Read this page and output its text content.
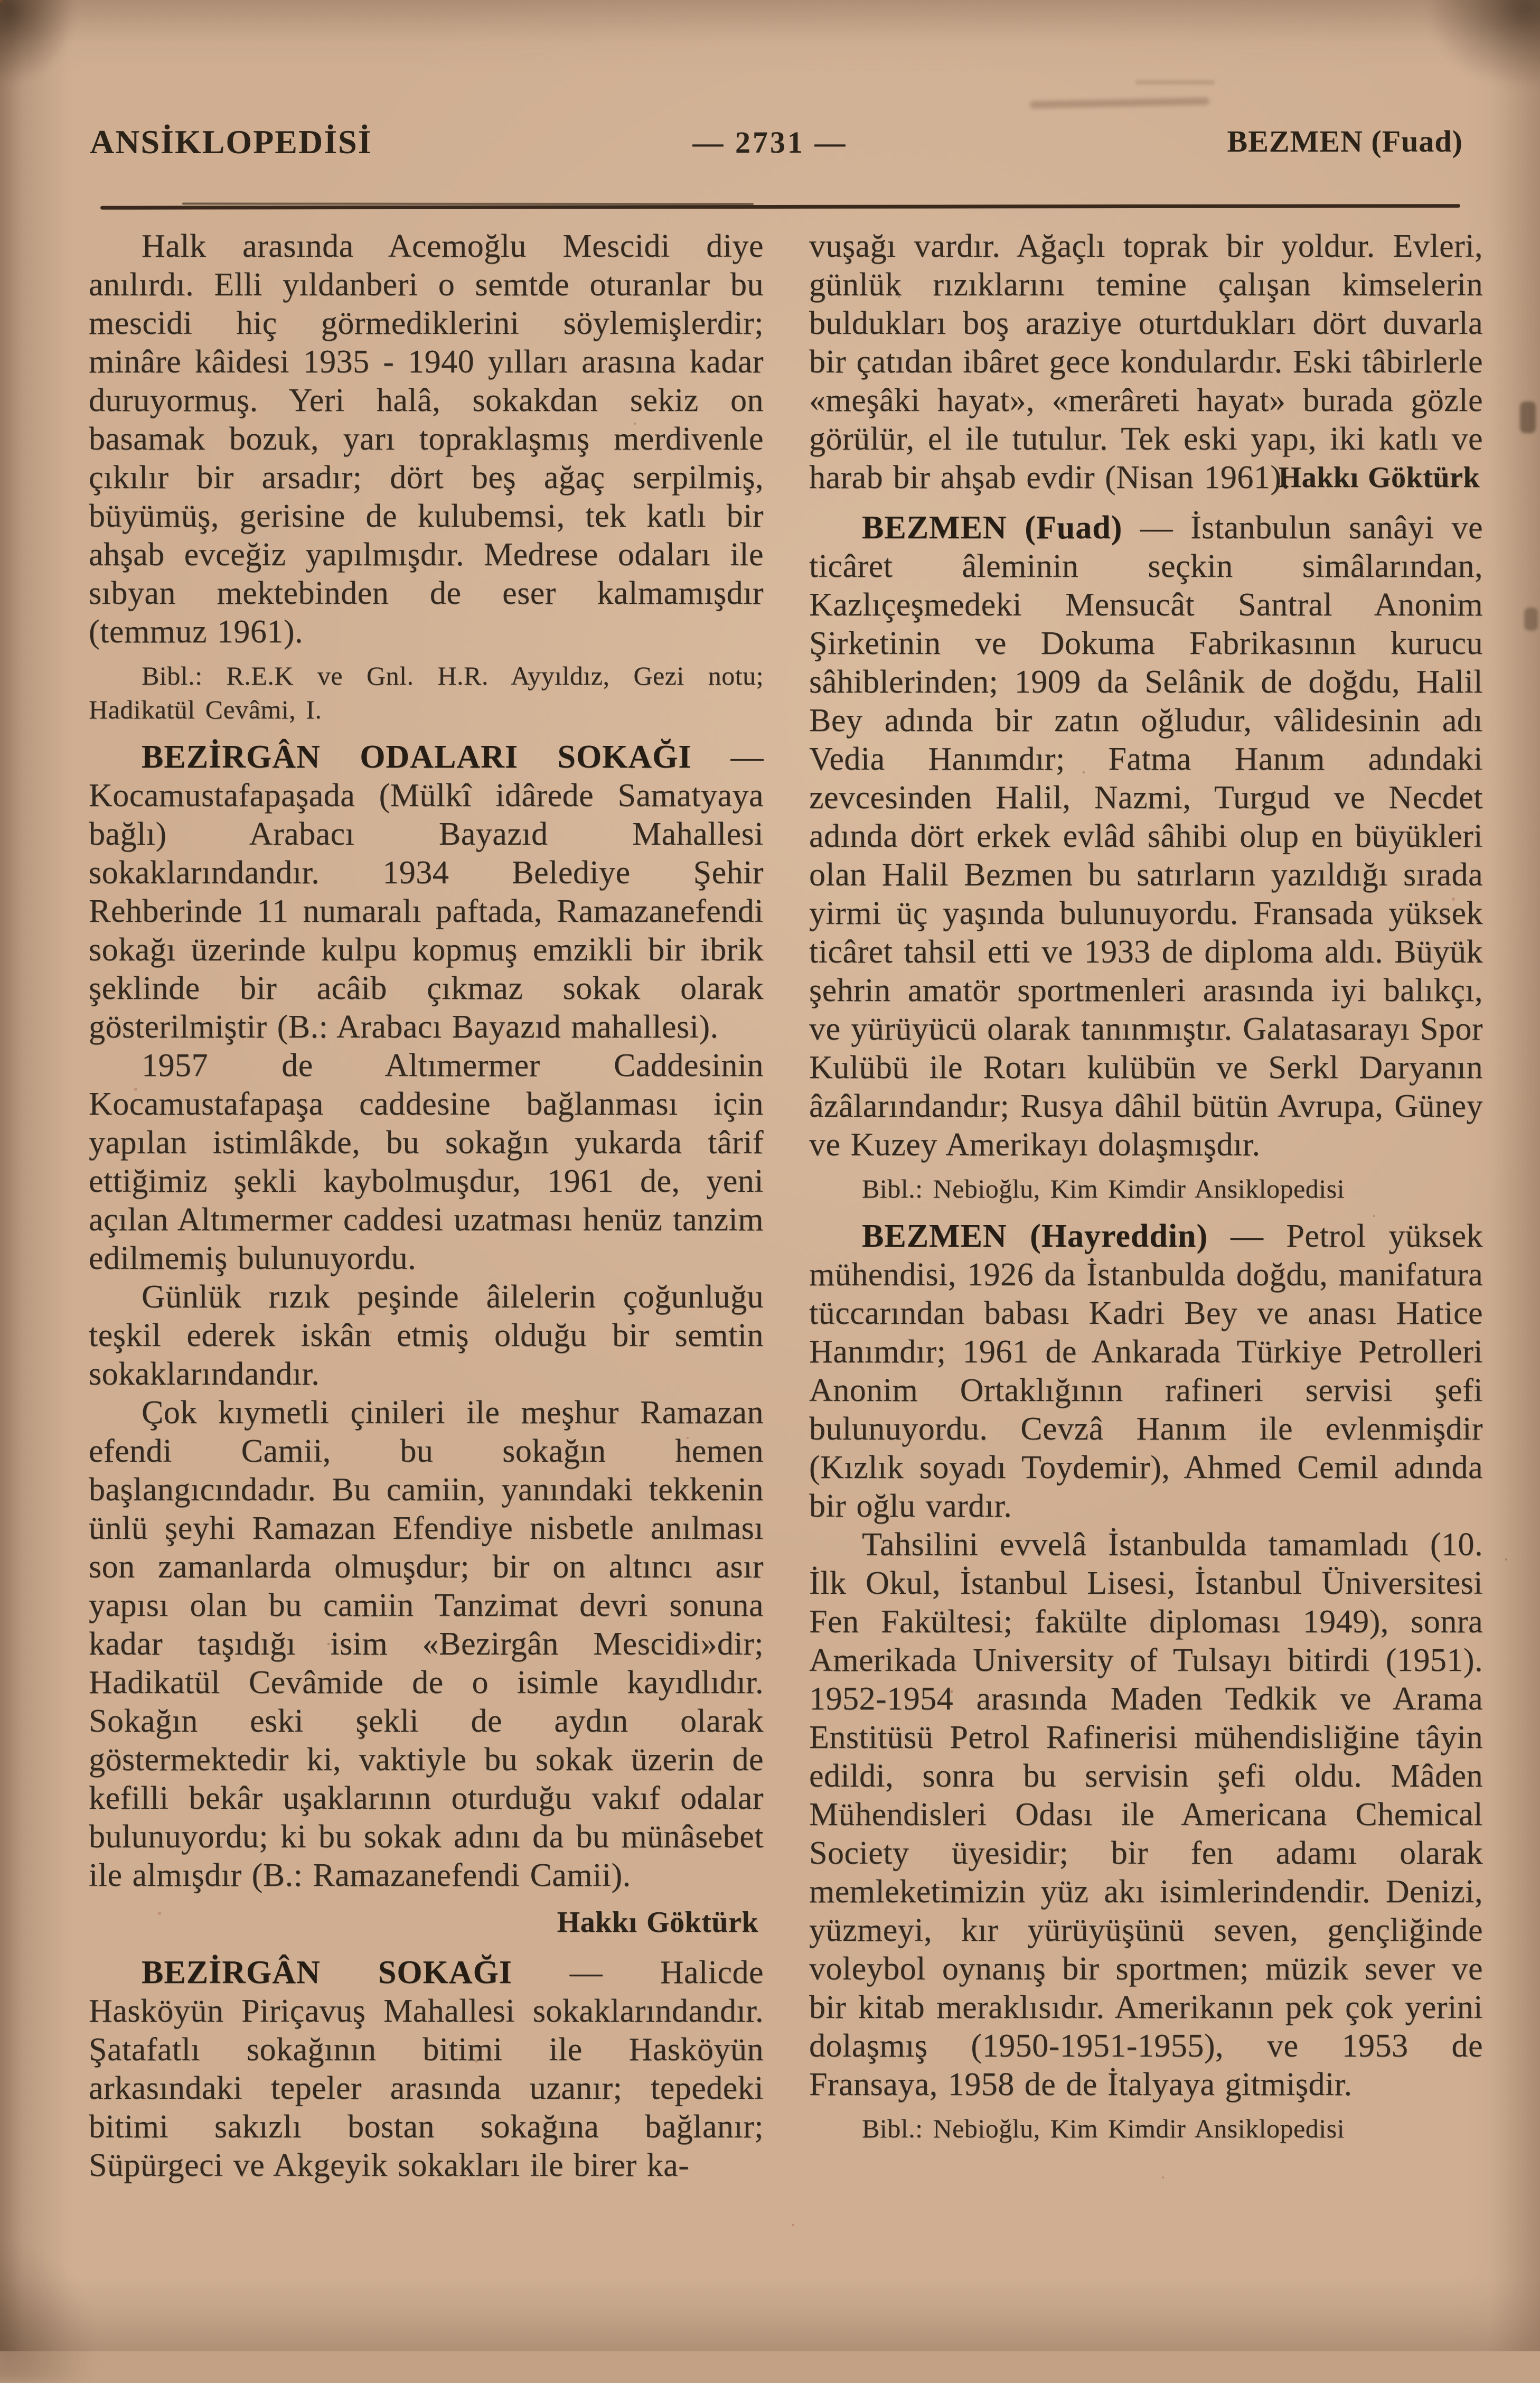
ANSİKLOPEDİSİ	— 2731 —	BEZMEN (Fuad)
Halk arasında Acemoğlu Mescidi diye anılırdı. Elli yıldanberi o semtde oturanlar bu mescidi hiç görmediklerini söylemişlerdir; minâre kâidesi 1935 - 1940 yılları arasına kadar duruyormuş. Yeri halâ, sokakdan sekiz on basamak bozuk, yarı topraklaşmış merdivenle çıkılır bir arsadır; dört beş ağaç serpilmiş, büyümüş, gerisine de kulubemsi, tek katlı bir ahşab evceğiz yapılmışdır. Medrese odaları ile sıbyan mektebinden de eser kalmamışdır (temmuz 1961).
Bibl.: R.E.K ve Gnl. H.R. Ayyıldız, Gezi notu; Hadikatül Cevâmi, I.
BEZİRGÂN ODALARI SOKAĞI — Kocamustafapaşada (Mülkî idârede Samatyaya bağlı) Arabacı Bayazıd Mahallesi sokaklarındandır. 1934 Belediye Şehir Rehberinde 11 numaralı paftada, Ramazanefendi sokağı üzerinde kulpu kopmuş emzikli bir ibrik şeklinde bir acâib çıkmaz sokak olarak gösterilmiştir (B.: Arabacı Bayazıd mahallesi).
1957 de Altımermer Caddesinin Kocamustafapaşa caddesine bağlanması için yapılan istimlâkde, bu sokağın yukarda târif ettiğimiz şekli kaybolmuşdur, 1961 de, yeni açılan Altımermer caddesi uzatması henüz tanzim edilmemiş bulunuyordu.
Günlük rızık peşinde âilelerin çoğunluğu teşkil ederek iskân etmiş olduğu bir semtin sokaklarındandır.
Çok kıymetli çinileri ile meşhur Ramazan efendi Camii, bu sokağın hemen başlangıcındadır. Bu camiin, yanındaki tekkenin ünlü şeyhi Ramazan Efendiye nisbetle anılması son zamanlarda olmuşdur; bir on altıncı asır yapısı olan bu camiin Tanzimat devri sonuna kadar taşıdığı isim «Bezirgân Mescidi»dir; Hadikatül Cevâmide de o isimle kayıdlıdır. Sokağın eski şekli de aydın olarak göstermektedir ki, vaktiyle bu sokak üzerin de kefilli bekâr uşaklarının oturduğu vakıf odalar bulunuyordu; ki bu sokak adını da bu münâsebet ile almışdır (B.: Ramazanefendi Camii).
Hakkı Göktürk
BEZİRGÂN SOKAĞI — Halicde Hasköyün Piriçavuş Mahallesi sokaklarındandır. Şatafatlı sokağının bitimi ile Hasköyün arkasındaki tepeler arasında uzanır; tepedeki bitimi sakızlı bostan sokağına bağlanır; Süpürgeci ve Akgeyik sokakları ile birer ka-
vuşağı vardır. Ağaçlı toprak bir yoldur. Evleri, günlük rızıklarını temine çalışan kimselerin buldukları boş araziye oturtdukları dört duvarla bir çatıdan ibâret gece kondulardır. Eski tâbirlerle «meşâki hayat», «merâreti hayat» burada gözle görülür, el ile tutulur. Tek eski yapı, iki katlı ve harab bir ahşab evdir (Nisan 1961).
Hakkı Göktürk
BEZMEN (Fuad) — İstanbulun sanâyi ve ticâret âleminin seçkin simâlarından, Kazlıçeşmedeki Mensucât Santral Anonim Şirketinin ve Dokuma Fabrikasının kurucu sâhiblerinden; 1909 da Selânik de doğdu, Halil Bey adında bir zatın oğludur, vâlidesinin adı Vedia Hanımdır; Fatma Hanım adındaki zevcesinden Halil, Nazmi, Turgud ve Necdet adında dört erkek evlâd sâhibi olup en büyükleri olan Halil Bezmen bu satırların yazıldığı sırada yirmi üç yaşında bulunuyordu. Fransada yüksek ticâret tahsil etti ve 1933 de diploma aldı. Büyük şehrin amatör sportmenleri arasında iyi balıkçı, ve yürüyücü olarak tanınmıştır. Galatasarayı Spor Kulübü ile Rotarı kulübün ve Serkl Daryanın âzâlarındandır; Rusya dâhil bütün Avrupa, Güney ve Kuzey Amerikayı dolaşmışdır.
Bibl.: Nebioğlu, Kim Kimdir Ansiklopedisi
BEZMEN (Hayreddin) — Petrol yüksek mühendisi, 1926 da İstanbulda doğdu, manifatura tüccarından babası Kadri Bey ve anası Hatice Hanımdır; 1961 de Ankarada Türkiye Petrolleri Anonim Ortaklığının rafineri servisi şefi bulunuyordu. Cevzâ Hanım ile evlenmişdir (Kızlık soyadı Toydemir), Ahmed Cemil adında bir oğlu vardır.
Tahsilini evvelâ İstanbulda tamamladı (10. İlk Okul, İstanbul Lisesi, İstanbul Üniversitesi Fen Fakültesi; fakülte diploması 1949), sonra Amerikada University of Tulsayı bitirdi (1951). 1952-1954 arasında Maden Tedkik ve Arama Enstitüsü Petrol Rafinerisi mühendisliğine tâyin edildi, sonra bu servisin şefi oldu. Mâden Mühendisleri Odası ile Americana Chemical Society üyesidir; bir fen adamı olarak memleketimizin yüz akı isimlerindendir. Denizi, yüzmeyi, kır yürüyüşünü seven, gençliğinde voleybol oynanış bir sportmen; müzik sever ve bir kitab meraklısıdır. Amerikanın pek çok yerini dolaşmış (1950-1951-1955), ve 1953 de Fransaya, 1958 de de İtalyaya gitmişdir.
Bibl.: Nebioğlu, Kim Kimdir Ansiklopedisi
